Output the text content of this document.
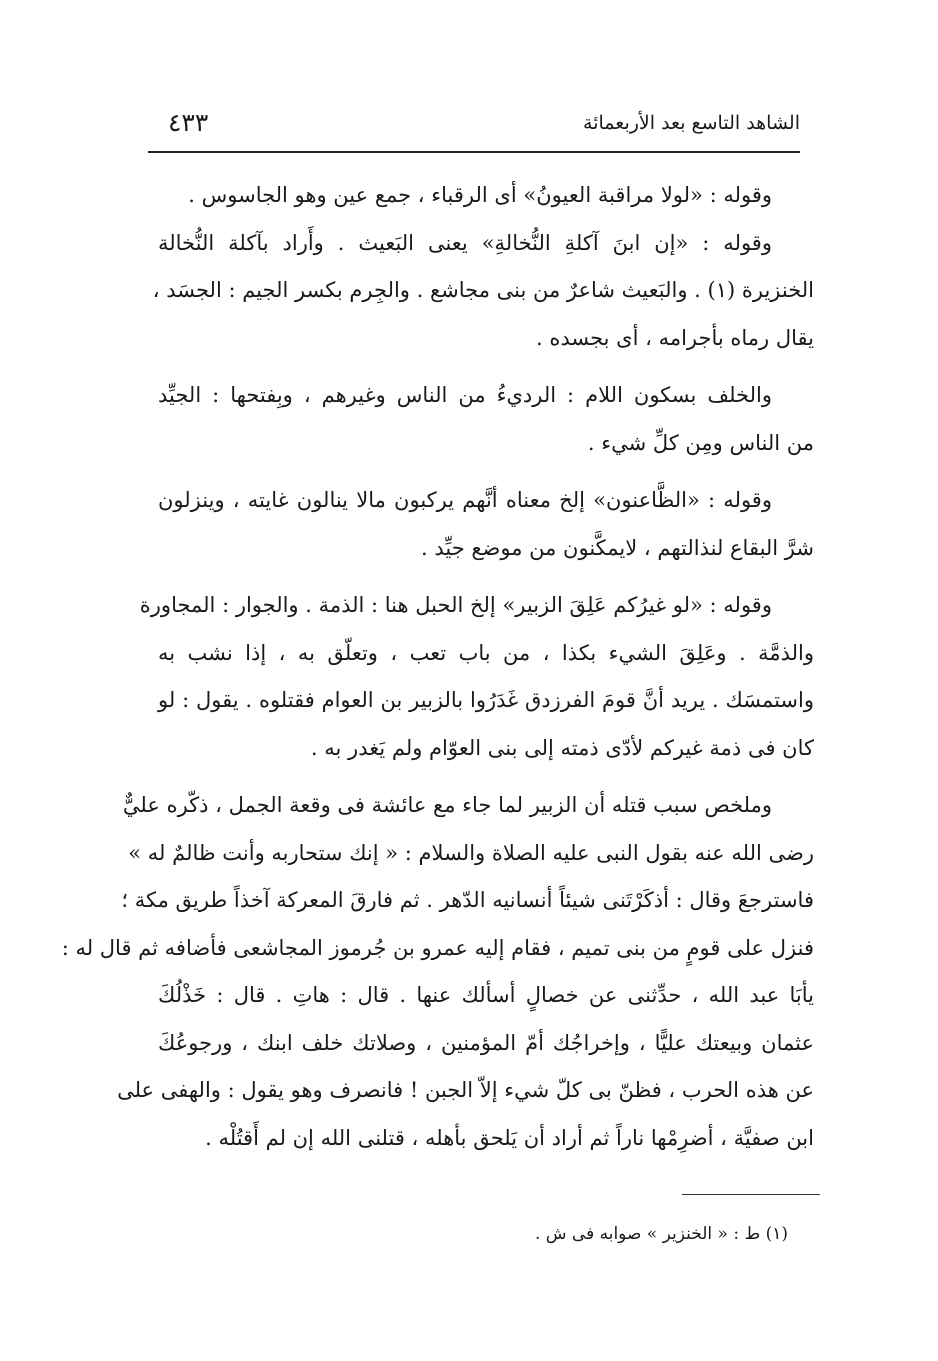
الشاهد التاسع بعد الأربعمائة
٤٣٣
وقوله : «لولا مراقبة العيونُ» أى الرقباء ، جمع عين وهو الجاسوس .
وقوله : «إن ابنَ آكلةِ النُّخالةِ» يعنى البَعيث . وأَراد بآكلة النُّخالة
الخنزيرة (١) . والبَعيث شاعرٌ من بنى مجاشع . والجِرم بكسر الجيم : الجسَد ،
يقال رماه بأجرامه ، أى بجسده .
والخلف بسكون اللام : الرديءُ من الناس وغيرهم ، وبِفتحها : الجيِّد
من الناس ومِن كلِّ شيء .
وقوله : «الظَّاعنون» إلخ معناه أنَّهم يركبون مالا ينالون غايته ، وينزلون
شرَّ البقاع لنذالتهم ، لايمكَّنون من موضع جيِّد .
وقوله : «لو غيرُكم عَلِقَ الزبير» إلخ الحبل هنا : الذمة . والجوار : المجاورة
والذمَّة . وعَلِقَ الشيء بكذا ، من باب تعب ، وتعلّق به ، إذا نشب به
واستمسَك . يريد أنَّ قومَ الفرزدق غَدَرُوا بالزبير بن العوام فقتلوه . يقول : لو
كان فى ذمة غيركم لأدّى ذمته إلى بنى العوّام ولم يَغدر به .
وملخص سبب قتله أن الزبير لما جاء مع عائشة فى وقعة الجمل ، ذكّره عليٌّ
رضى الله عنه بقول النبى عليه الصلاة والسلام : « إنك ستحاربه وأنت ظالمٌ له »
فاسترجعَ وقال : أذكَرْتَنى شيئاً أنسانيه الدّهر . ثم فارقَ المعركة آخذاً طريق مكة ؛
فنزل على قومٍ من بنى تميم ، فقام إليه عمرو بن جُرموز المجاشعى فأضافه ثم قال له :
يأبَا عبد الله ، حدِّثنى عن خصالٍ أسألك عنها . قال : هاتِ . قال : خَذْلُكَ
عثمان وبيعتك عليًّا ، وإخراجُك أمّ المؤمنين ، وصلاتك خلف ابنك ، ورجوعُكَ
عن هذه الحرب ، فظنّ بى كلّ شيء إلاّ الجبن ! فانصرف وهو يقول : والهفى على
ابن صفيَّة ، أضرِمْها ناراً ثم أراد أن يَلحق بأهله ، قتلنى الله إن لم أَقتُلْه .
(١) ط : « الخنزير » صوابه فى ش .
